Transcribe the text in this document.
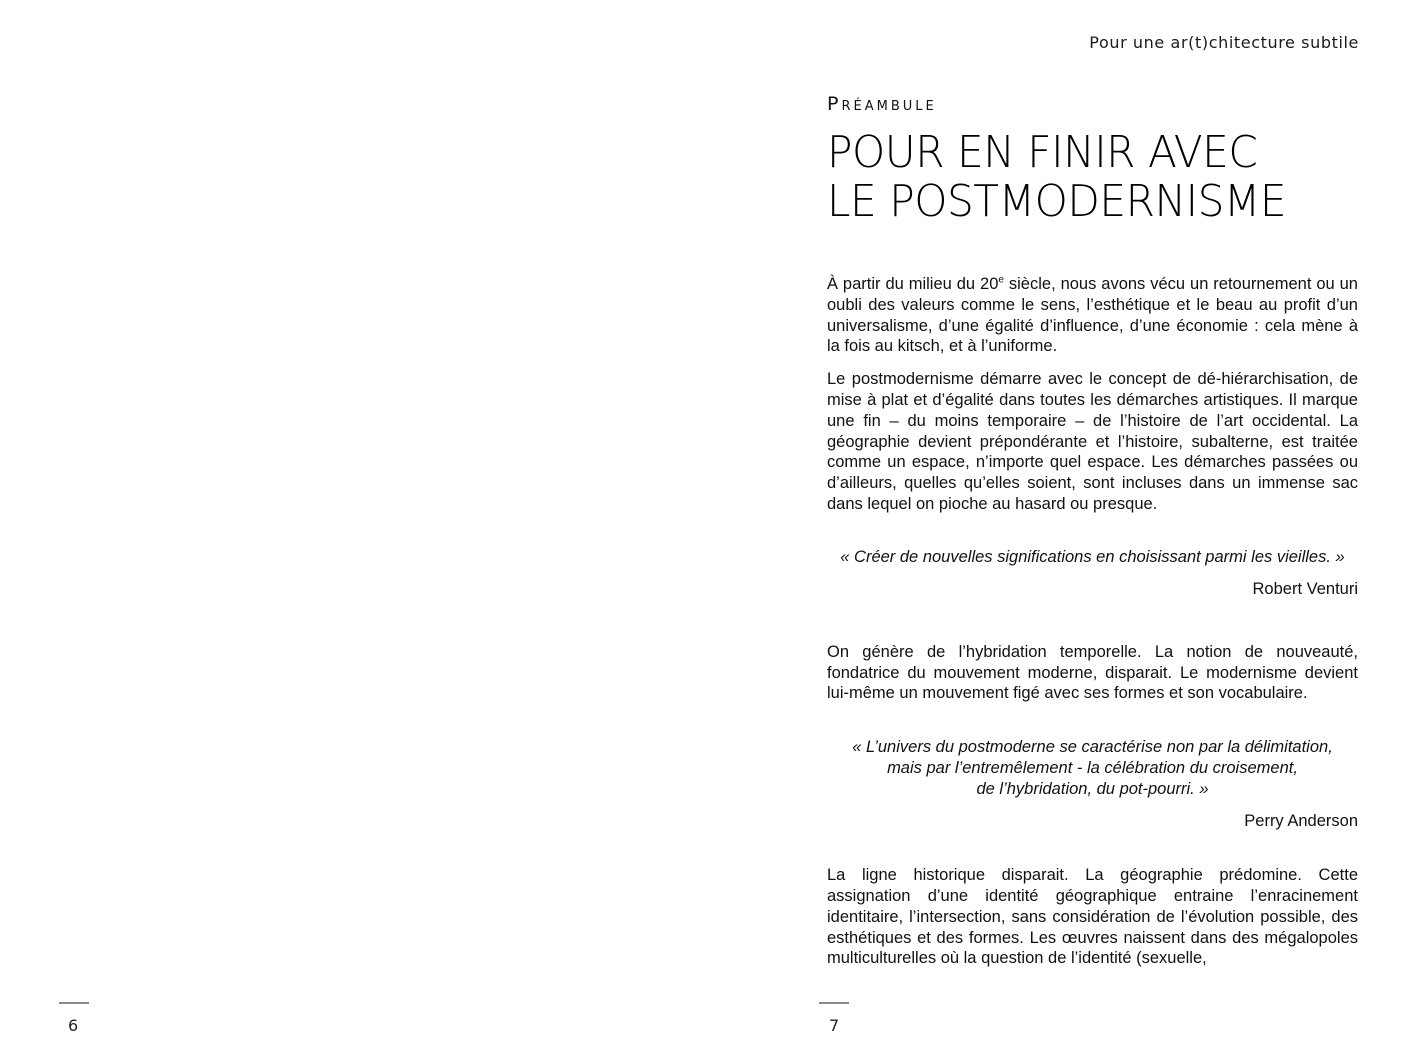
6
Pour une ar(t)chitecture subtile
Préambule
POUR EN FINIR AVEC
LE POSTMODERNISME

À partir du milieu du 20e siècle, nous avons vécu un retournement ou un oubli des valeurs comme le sens, l’esthétique et le beau au profit d’un universalisme, d’une égalité d’influence, d’une économie : cela mène à la fois au kitsch, et à l’uniforme.

Le postmodernisme démarre avec le concept de dé-hiérarchisation, de mise à plat et d’égalité dans toutes les démarches artistiques. Il marque une fin – du moins temporaire – de l’histoire de l’art occidental. La géographie devient prépondérante et l’histoire, subalterne, est traitée comme un espace, n’importe quel espace. Les démarches passées ou d’ailleurs, quelles qu’elles soient, sont incluses dans un immense sac dans lequel on pioche au hasard ou presque.

« Créer de nouvelles significations en choisissant parmi les vieilles. »

Robert Venturi

On génère de l’hybridation temporelle. La notion de nouveauté, fondatrice du mouvement moderne, disparait. Le modernisme devient lui-même un mouvement figé avec ses formes et son vocabulaire.

« L’univers du postmoderne se caractérise non par la délimitation,
mais par l’entremêlement - la célébration du croisement,
de l’hybridation, du pot-pourri. »

Perry Anderson

La ligne historique disparait. La géographie prédomine. Cette assignation d’une identité géographique entraine l’enracinement identitaire, l’intersection, sans considération de l’évolution possible, des esthétiques et des formes. Les œuvres naissent dans des mégalopoles multiculturelles où la question de l’identité (sexuelle,

7
